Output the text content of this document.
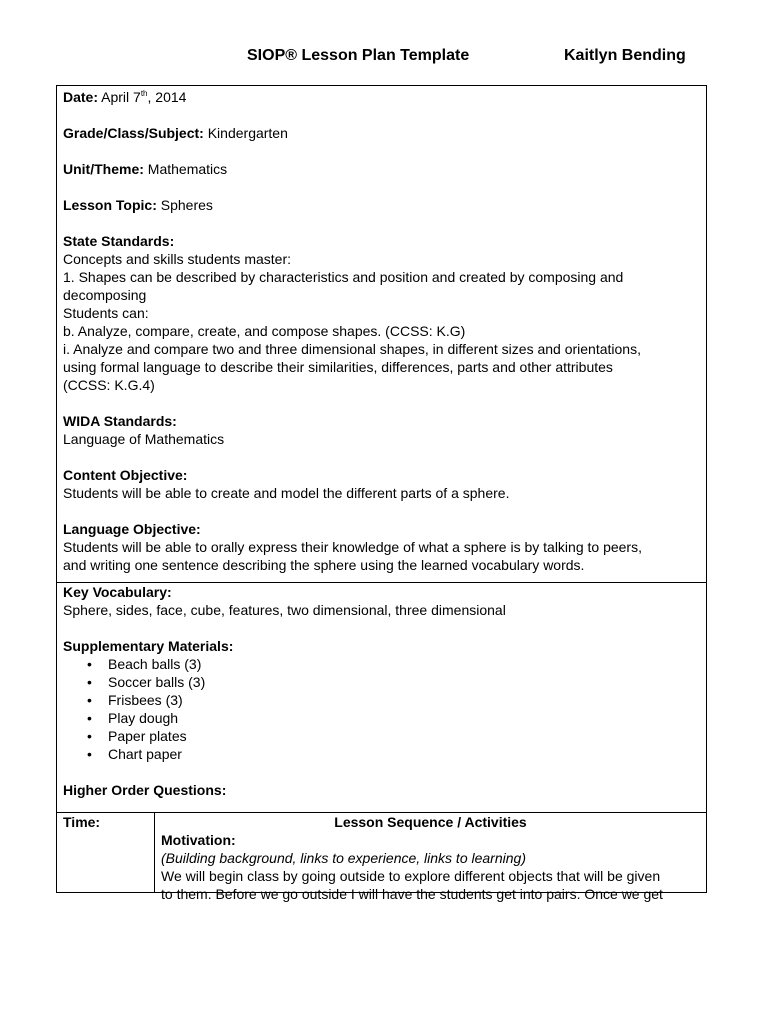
SIOP® Lesson Plan Template	Kaitlyn Bending
Date: April 7th, 2014
Grade/Class/Subject: Kindergarten
Unit/Theme: Mathematics
Lesson Topic: Spheres
State Standards:
Concepts and skills students master:
1. Shapes can be described by characteristics and position and created by composing and
decomposing
Students can:
b. Analyze, compare, create, and compose shapes. (CCSS: K.G)
i. Analyze and compare two and three dimensional shapes, in different sizes and orientations,
using formal language to describe their similarities, differences, parts and other attributes
(CCSS: K.G.4)
WIDA Standards:
Language of Mathematics
Content Objective:
Students will be able to create and model the different parts of a sphere.
Language Objective:
Students will be able to orally express their knowledge of what a sphere is by talking to peers,
and writing one sentence describing the sphere using the learned vocabulary words.
Key Vocabulary:
Sphere, sides, face, cube, features, two dimensional, three dimensional
Supplementary Materials:
• Beach balls (3)
• Soccer balls (3)
• Frisbees (3)
• Play dough
• Paper plates
• Chart paper
Higher Order Questions:
Time:	Lesson Sequence / Activities
Motivation:
(Building background, links to experience, links to learning)
We will begin class by going outside to explore different objects that will be given
to them. Before we go outside I will have the students get into pairs. Once we get
